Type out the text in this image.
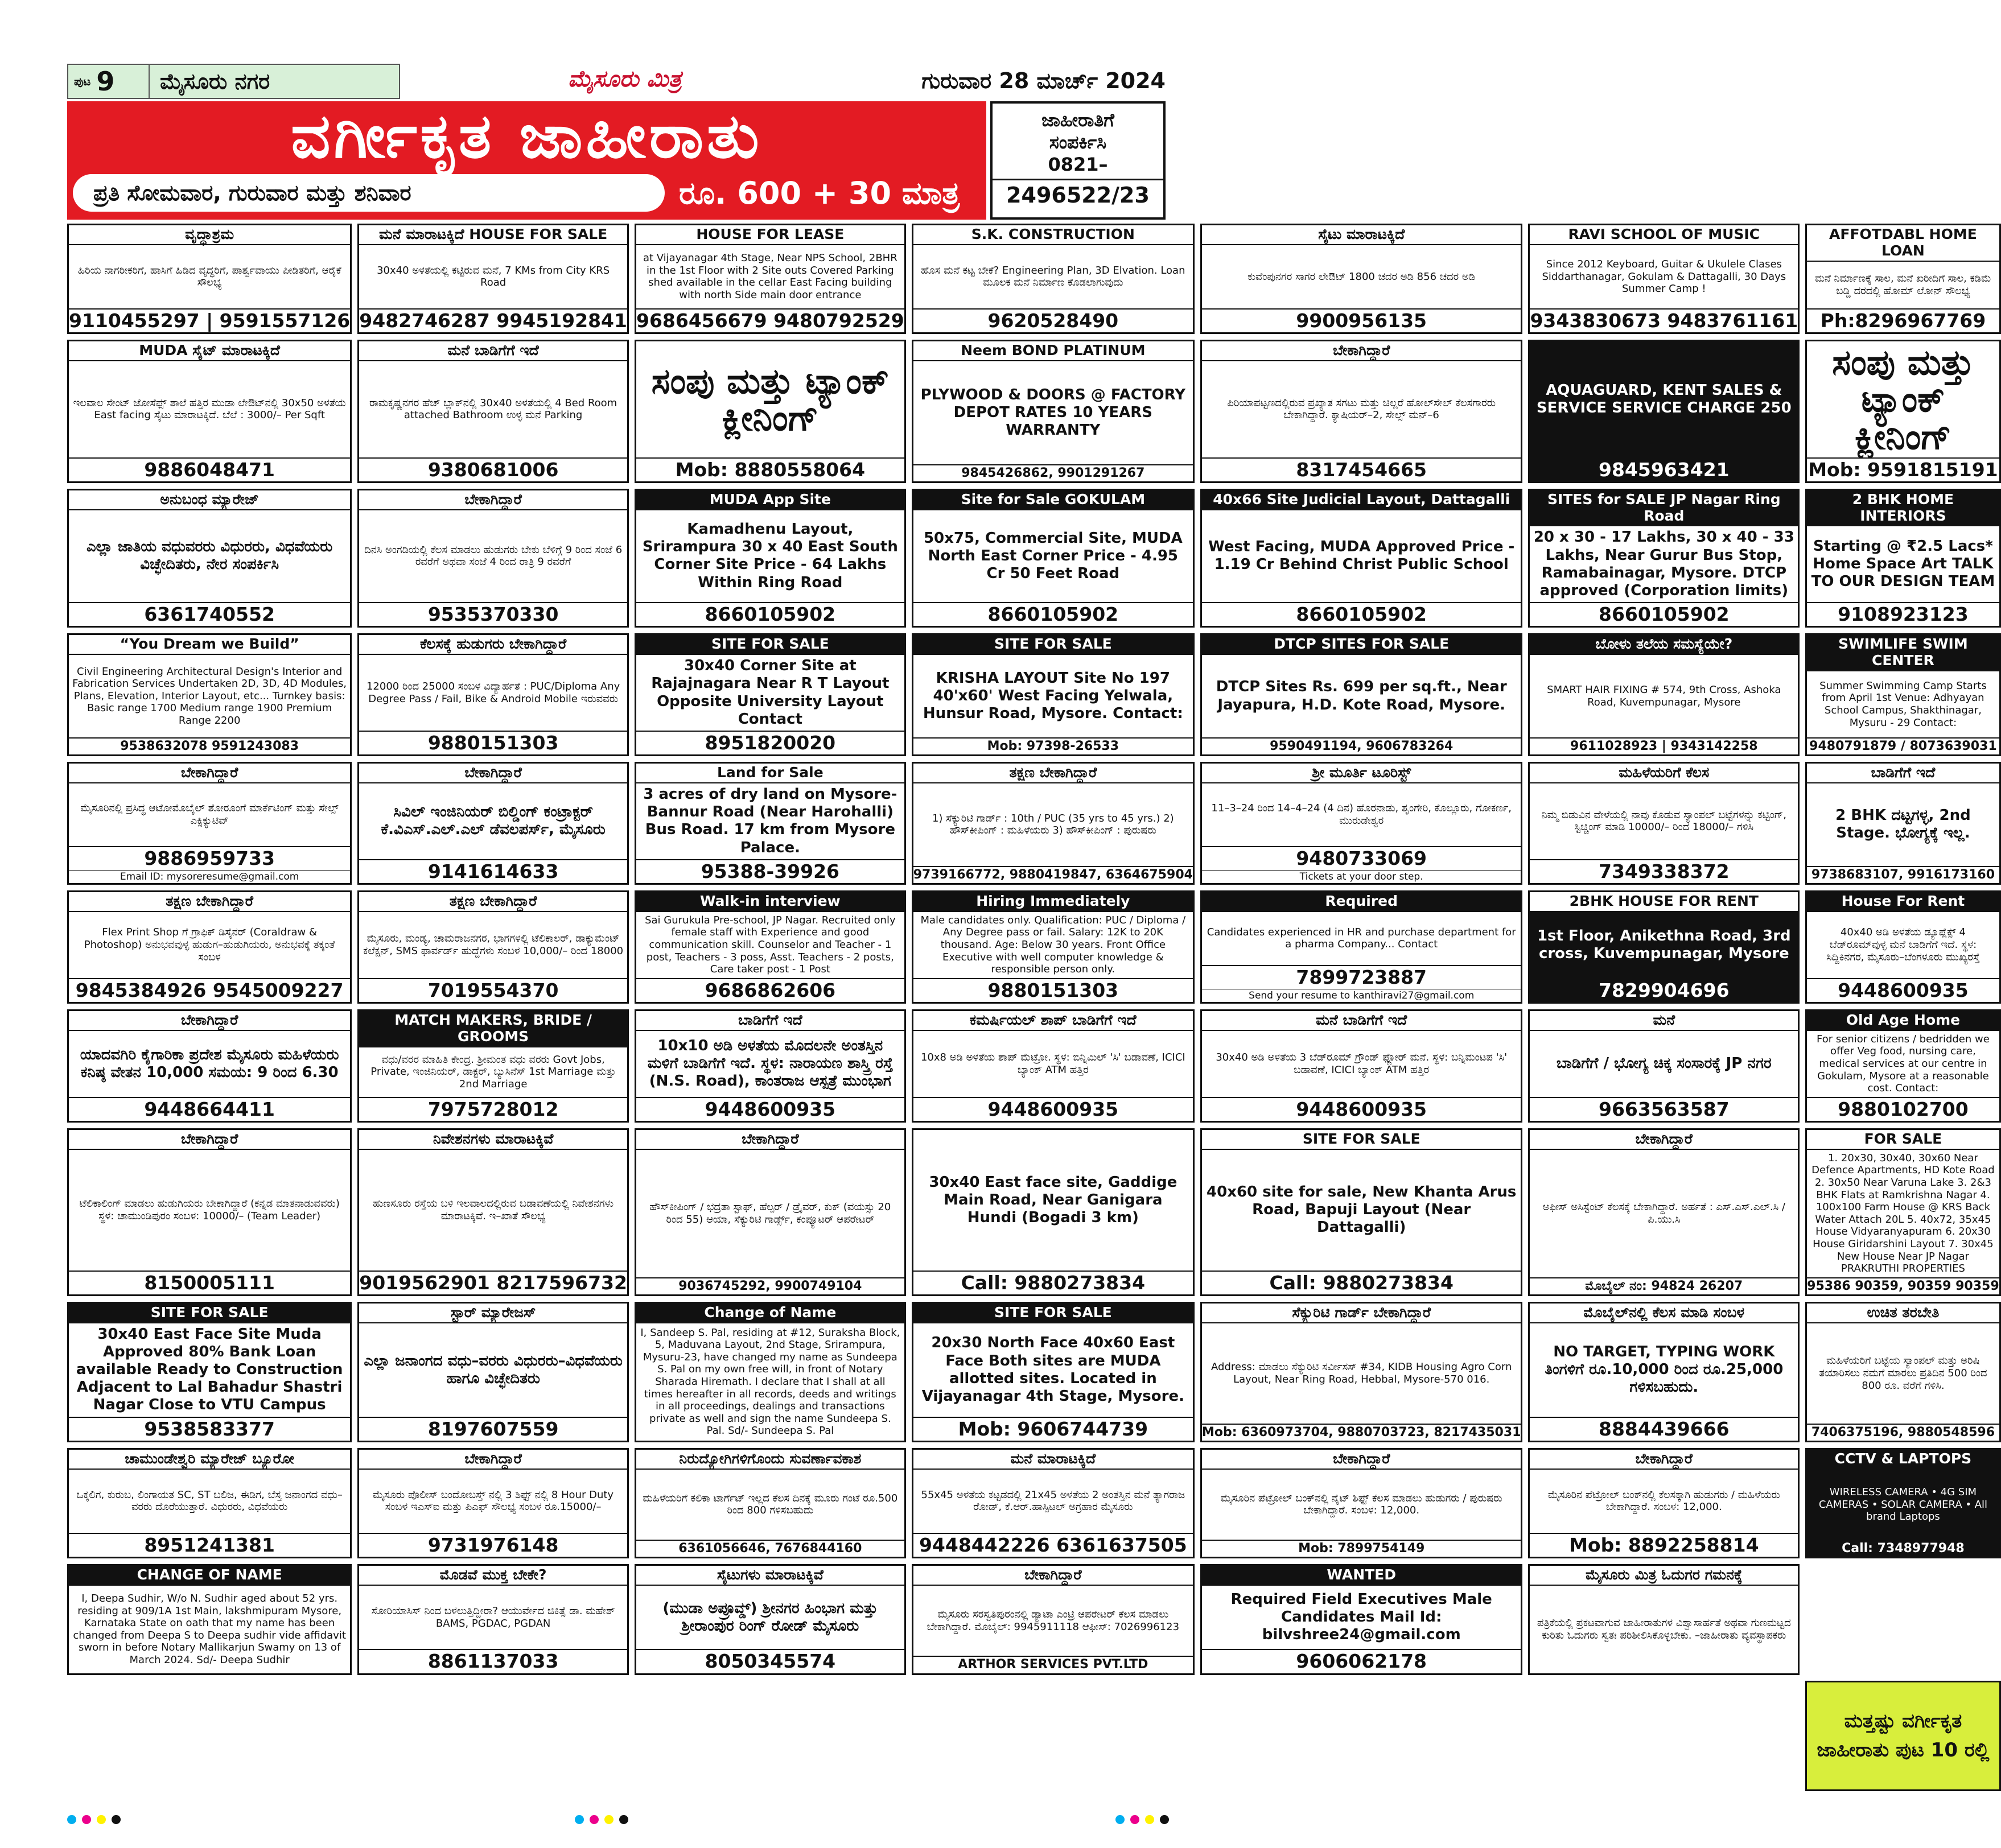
ಪುಟ 9	ಮೈಸೂರು ನಗರ	ಮೈಸೂರು ಮಿತ್ರ	ಗುರುವಾರ 28 ಮಾರ್ಚ್ 2024
ವರ್ಗೀಕೃತ ಜಾಹೀರಾತು
ಪ್ರತಿ ಸೋಮವಾರ, ಗುರುವಾರ ಮತ್ತು ಶನಿವಾರ	ರೂ. 600 + 30 ಮಾತ್ರ
ಜಾಹೀರಾತಿಗೆ
ಸಂಪರ್ಕಿಸಿ
0821–
2496522/23
ವೃದ್ಧಾಶ್ರಮ
ಹಿರಿಯ ನಾಗರೀಕರಿಗೆ, ಹಾಸಿಗೆ ಹಿಡಿದ ವೃದ್ಧರಿಗೆ, ಪಾರ್ಶ್ವವಾಯು ಪೀಡಿತರಿಗೆ, ಆರೈಕೆ ಸೌಲಭ್ಯ
9110455297 | 9591557126
ಮನೆ ಮಾರಾಟಕ್ಕಿದೆ HOUSE FOR SALE
30x40 ಅಳತೆಯಲ್ಲಿ ಕಟ್ಟಿರುವ ಮನೆ, 7 KMs from City KRS Road
9482746287 9945192841
HOUSE FOR LEASE
at Vijayanagar 4th Stage, Near NPS School, 2BHR in the 1st Floor with 2 Site outs Covered Parking shed available in the cellar East Facing building with north Side main door entrance
9686456679 9480792529
S.K. CONSTRUCTION
ಹೊಸ ಮನೆ ಕಟ್ಟ ಬೇಕೆ? Engineering Plan, 3D Elvation. Loan ಮೂಲಕ ಮನೆ ನಿರ್ಮಾಣ ಕೊಡಲಾಗುವುದು
9620528490
ಸೈಟು ಮಾರಾಟಕ್ಕಿದೆ
ಕುವೆಂಪುನಗರ ಸಾಗರ ಲೇಔಟ್ 1800 ಚದರ ಅಡಿ 856 ಚದರ ಅಡಿ
9900956135
RAVI SCHOOL OF MUSIC
Since 2012 Keyboard, Guitar & Ukulele Clases Siddarthanagar, Gokulam & Dattagalli, 30 Days Summer Camp !
9343830673 9483761161
AFFOTDABL HOME LOAN
ಮನೆ ನಿರ್ಮಾಣಕ್ಕೆ ಸಾಲ, ಮನೆ ಖರೀದಿಗೆ ಸಾಲ, ಕಡಿಮೆ ಬಡ್ಡಿ ದರದಲ್ಲಿ ಹೋಮ್ ಲೋನ್ ಸೌಲಭ್ಯ
Ph:8296967769
MUDA ಸೈಟ್ ಮಾರಾಟಕ್ಕಿದೆ
ಇಲವಾಲ ಸೇಂಟ್ ಜೋಸೆಫ್ಸ್ ಶಾಲೆ ಹತ್ತಿರ ಮುಡಾ ಲೇಔಟ್‌ನಲ್ಲಿ 30x50 ಅಳತೆಯ East facing ಸೈಟು ಮಾರಾಟಕ್ಕಿದೆ. ಬೆಲೆ : 3000/– Per Sqft
9886048471
ಮನೆ ಬಾಡಿಗೆಗೆ ಇದೆ
ರಾಮಕೃಷ್ಣನಗರ ಹೆಚ್ ಬ್ಲಾಕ್‌ನಲ್ಲಿ 30x40 ಅಳತೆಯಲ್ಲಿ 4 Bed Room attached Bathroom ಉಳ್ಳ ಮನೆ Parking
9380681006
ಸಂಪು ಮತ್ತು ಟ್ಯಾಂಕ್ ಕ್ಲೀನಿಂಗ್
Mob: 8880558064
Neem BOND PLATINUM
PLYWOOD & DOORS @ FACTORY DEPOT RATES 10 YEARS WARRANTY
9845426862, 9901291267
ಬೇಕಾಗಿದ್ದಾರೆ
ಪಿರಿಯಾಪಟ್ಟಣದಲ್ಲಿರುವ ಪ್ರಖ್ಯಾತ ಸಗಟು ಮತ್ತು ಚಿಲ್ಲರೆ ಹೋಲ್‌ಸೇಲ್ ಕೆಲಸಗಾರರು ಬೇಕಾಗಿದ್ದಾರೆ. ಕ್ಯಾಷಿಯರ್–2, ಸೇಲ್ಸ್ ಮನ್–6
8317454665
AQUAGUARD, KENT SALES & SERVICE SERVICE CHARGE 250
9845963421
ಸಂಪು ಮತ್ತು ಟ್ಯಾಂಕ್ ಕ್ಲೀನಿಂಗ್
Mob: 9591815191
ಅನುಬಂಧ ಮ್ಯಾರೇಜ್
ಎಲ್ಲಾ ಜಾತಿಯ ವಧುವರರು ವಿಧುರರು, ವಿಧವೆಯರು ವಿಚ್ಛೇದಿತರು, ನೇರ ಸಂಪರ್ಕಿಸಿ
6361740552
ಬೇಕಾಗಿದ್ದಾರೆ
ದಿನಸಿ ಅಂಗಡಿಯಲ್ಲಿ ಕೆಲಸ ಮಾಡಲು ಹುಡುಗರು ಬೇಕು ಬೆಳಿಗ್ಗೆ 9 ರಿಂದ ಸಂಜೆ 6 ರವರೆಗೆ ಅಥವಾ ಸಂಜೆ 4 ರಿಂದ ರಾತ್ರಿ 9 ರವರೆಗೆ
9535370330
MUDA App Site
Kamadhenu Layout, Srirampura 30 x 40 East South Corner Site Price - 64 Lakhs Within Ring Road
8660105902
Site for Sale GOKULAM
50x75, Commercial Site, MUDA North East Corner Price - 4.95 Cr 50 Feet Road
8660105902
40x66 Site Judicial Layout, Dattagalli
West Facing, MUDA Approved Price - 1.19 Cr Behind Christ Public School
8660105902
SITES for SALE JP Nagar Ring Road
20 x 30 - 17 Lakhs, 30 x 40 - 33 Lakhs, Near Gurur Bus Stop, Ramabainagar, Mysore. DTCP approved (Corporation limits)
8660105902
2 BHK HOME INTERIORS
Starting @ ₹2.5 Lacs* Home Space Art TALK TO OUR DESIGN TEAM
9108923123
“You Dream we Build”
Civil Engineering Architectural Design's Interior and Fabrication Services Undertaken 2D, 3D, 4D Modules, Plans, Elevation, Interior Layout, etc... Turnkey basis: Basic range 1700 Medium range 1900 Premium Range 2200
9538632078 9591243083
ಕೆಲಸಕ್ಕೆ ಹುಡುಗರು ಬೇಕಾಗಿದ್ದಾರೆ
12000 ರಿಂದ 25000 ಸಂಬಳ ವಿದ್ಯಾರ್ಹತೆ : PUC/Diploma Any Degree Pass / Fail, Bike & Android Mobile ಇರುವವರು
9880151303
SITE FOR SALE
30x40 Corner Site at Rajajnagara Near R T Layout Opposite University Layout Contact
8951820020
SITE FOR SALE
KRISHA LAYOUT Site No 197 40'x60' West Facing Yelwala, Hunsur Road, Mysore. Contact:
Mob: 97398-26533
DTCP SITES FOR SALE
DTCP Sites Rs. 699 per sq.ft., Near Jayapura, H.D. Kote Road, Mysore.
9590491194, 9606783264
ಬೋಳು ತಲೆಯ ಸಮಸ್ಯೆಯೇ?
SMART HAIR FIXING # 574, 9th Cross, Ashoka Road, Kuvempunagar, Mysore
9611028923 | 9343142258
SWIMLIFE SWIM CENTER
Summer Swimming Camp Starts from April 1st Venue: Adhyayan School Campus, Shakthinagar, Mysuru - 29 Contact:
9480791879 / 8073639031
ಬೇಕಾಗಿದ್ದಾರೆ
ಮೈಸೂರಿನಲ್ಲಿ ಪ್ರಸಿದ್ಧ ಆಟೋಮೊಬೈಲ್ ಶೋರೂಂಗೆ ಮಾರ್ಕೆಟಿಂಗ್ ಮತ್ತು ಸೇಲ್ಸ್ ಎಕ್ಸಿಕ್ಯುಟಿವ್
9886959733
Email ID: mysoreresume@gmail.com
ಬೇಕಾಗಿದ್ದಾರೆ
ಸಿವಿಲ್ ಇಂಜಿನಿಯರ್ ಬಿಲ್ಡಿಂಗ್ ಕಂಟ್ರಾಕ್ಟರ್ ಕೆ.ವಿಎಸ್.ಎಲ್.ಎಲ್ ಡೆವಲಪರ್ಸ್, ಮೈಸೂರು
9141614633
Land for Sale
3 acres of dry land on Mysore-Bannur Road (Near Harohalli) Bus Road. 17 km from Mysore Palace.
95388-39926
ತಕ್ಷಣ ಬೇಕಾಗಿದ್ದಾರೆ
1) ಸೆಕ್ಯುರಿಟಿ ಗಾರ್ಡ್ : 10th / PUC (35 yrs to 45 yrs.) 2) ಹೌಸ್‌ಕೀಪಿಂಗ್ : ಮಹಿಳೆಯರು 3) ಹೌಸ್‌ಕೀಪಿಂಗ್ : ಪುರುಷರು
9739166772, 9880419847, 6364675904
ಶ್ರೀ ಮೂರ್ತಿ ಟೂರಿಸ್ಟ್
11–3–24 ರಿಂದ 14–4–24 (4 ದಿನ) ಹೊರನಾಡು, ಶೃಂಗೇರಿ, ಕೊಲ್ಲೂರು, ಗೋಕರ್ಣ, ಮುರುಡೇಶ್ವರ
9480733069
Tickets at your door step.
ಮಹಿಳೆಯರಿಗೆ ಕೆಲಸ
ನಿಮ್ಮ ಬಿಡುವಿನ ವೇಳೆಯಲ್ಲಿ ನಾವು ಕೊಡುವ ಸ್ಯಾಂಪಲ್ ಬಟ್ಟೆಗಳನ್ನು ಕಟ್ಟಿಂಗ್, ಸ್ಟಿಚ್ಚಿಂಗ್ ಮಾಡಿ 10000/– ರಿಂದ 18000/– ಗಳಿಸಿ
7349338372
ಬಾಡಿಗೆಗೆ ಇದೆ
2 BHK ದಟ್ಟಗಳ್ಳ, 2nd Stage. ಭೋಗ್ಯಕ್ಕೆ ಇಲ್ಲ.
9738683107, 9916173160
ತಕ್ಷಣ ಬೇಕಾಗಿದ್ದಾರೆ
Flex Print Shop ಗೆ ಗ್ರಾಫಿಕ್ ಡಿಸೈನರ್ (Coraldraw & Photoshop) ಅನುಭವವುಳ್ಳ ಹುಡುಗ–ಹುಡುಗಿಯರು, ಅನುಭವಕ್ಕೆ ತಕ್ಕಂತೆ ಸಂಬಳ
9845384926 9545009227
ತಕ್ಷಣ ಬೇಕಾಗಿದ್ದಾರೆ
ಮೈಸೂರು, ಮಂಡ್ಯ, ಚಾಮರಾಜನಗರ, ಭಾಗಗಳಲ್ಲಿ ಟೆಲಿಕಾಲರ್, ಡಾಕ್ಯುಮೆಂಟ್ ಕಲೆಕ್ಷನ್, SMS ಫಾರ್ವರ್ಡ್ ಹುದ್ದೆಗಳು ಸಂಬಳ 10,000/– ರಿಂದ 18000
7019554370
Walk-in interview
Sai Gurukula Pre-school, JP Nagar. Recruited only female staff with Experience and good communication skill. Counselor and Teacher - 1 post, Teachers - 3 poss, Asst. Teachers - 2 posts, Care taker post - 1 Post
9686862606
Hiring Immediately
Male candidates only. Qualification: PUC / Diploma / Any Degree pass or fail. Salary: 12K to 20K thousand. Age: Below 30 years. Front Office Executive with well computer knowledge & responsible person only.
9880151303
Required
Candidates experienced in HR and purchase department for a pharma Company... Contact
7899723887
Send your resume to kanthiravi27@gmail.com
2BHK HOUSE FOR RENT
1st Floor, Anikethna Road, 3rd cross, Kuvempunagar, Mysore
7829904696
House For Rent
40x40 ಅಡಿ ಅಳತೆಯ ಡ್ಯೂಪ್ಲೆಕ್ಸ್ 4 ಬೆಡ್‌ರೂಮ್‌ವುಳ್ಳ ಮನೆ ಬಾಡಿಗೆಗೆ ಇದೆ. ಸ್ಥಳ: ಸಿದ್ದಿಕಿನಗರ, ಮೈಸೂರು–ಬೆಂಗಳೂರು ಮುಖ್ಯರಸ್ತೆ
9448600935
ಬೇಕಾಗಿದ್ದಾರೆ
ಯಾದವಗಿರಿ ಕೈಗಾರಿಕಾ ಪ್ರದೇಶ ಮೈಸೂರು ಮಹಿಳೆಯರು ಕನಿಷ್ಠ ವೇತನ 10,000 ಸಮಯ: 9 ರಿಂದ 6.30
9448664411
MATCH MAKERS, BRIDE / GROOMS
ವಧು/ವರರ ಮಾಹಿತಿ ಕೇಂದ್ರ. ಶ್ರೀಮಂತ ವಧು ವರರು Govt Jobs, Private, ಇಂಜಿನಿಯರ್, ಡಾಕ್ಟರ್, ಬ್ಯುಸಿನೆಸ್ 1st Marriage ಮತ್ತು 2nd Marriage
7975728012
ಬಾಡಿಗೆಗೆ ಇದೆ
10x10 ಅಡಿ ಅಳತೆಯ ಮೊದಲನೇ ಅಂತಸ್ತಿನ ಮಳಿಗೆ ಬಾಡಿಗೆಗೆ ಇದೆ. ಸ್ಥಳ: ನಾರಾಯಣ ಶಾಸ್ತ್ರಿ ರಸ್ತೆ (N.S. Road), ಕಾಂತರಾಜ ಆಸ್ಪತ್ರೆ ಮುಂಭಾಗ
9448600935
ಕಮರ್ಷಿಯಲ್ ಶಾಪ್ ಬಾಡಿಗೆಗೆ ಇದೆ
10x8 ಅಡಿ ಅಳತೆಯ ಶಾಪ್ ಮೆಟ್ರೋ. ಸ್ಥಳ: ಬಿನ್ನಿಮಿಲ್ 'ಸಿ' ಬಡಾವಣೆ, ICICI ಬ್ಯಾಂಕ್ ATM ಹತ್ತಿರ
9448600935
ಮನೆ ಬಾಡಿಗೆಗೆ ಇದೆ
30x40 ಅಡಿ ಅಳತೆಯ 3 ಬೆಡ್‌ರೂಮ್ ಗ್ರೌಂಡ್ ಫ್ಲೋರ್ ಮನೆ. ಸ್ಥಳ: ಬನ್ನಿಮಂಟಪ 'ಸಿ' ಬಡಾವಣೆ, ICICI ಬ್ಯಾಂಕ್ ATM ಹತ್ತಿರ
9448600935
ಮನೆ
ಬಾಡಿಗೆಗೆ / ಭೋಗ್ಯ ಚಿಕ್ಕ ಸಂಸಾರಕ್ಕೆ JP ನಗರ
9663563587
Old Age Home
For senior citizens / bedridden we offer Veg food, nursing care, medical services at our centre in Gokulam, Mysore at a reasonable cost. Contact:
9880102700
ಬೇಕಾಗಿದ್ದಾರೆ
ಟೆಲಿಕಾಲಿಂಗ್ ಮಾಡಲು ಹುಡುಗಿಯರು ಬೇಕಾಗಿದ್ದಾರೆ (ಕನ್ನಡ ಮಾತನಾಡುವವರು) ಸ್ಥಳ: ಚಾಮುಂಡಿಪುರಂ ಸಂಬಳ: 10000/– (Team Leader)
8150005111
ನಿವೇಶನಗಳು ಮಾರಾಟಕ್ಕಿವೆ
ಹುಣಸೂರು ರಸ್ತೆಯ ಬಳಿ ಇಲವಾಲದಲ್ಲಿರುವ ಬಡಾವಣೆಯಲ್ಲಿ ನಿವೇಶನಗಳು ಮಾರಾಟಕ್ಕಿವೆ. ಇ–ಖಾತೆ ಸೌಲಭ್ಯ
9019562901 8217596732
ಬೇಕಾಗಿದ್ದಾರೆ
ಹೌಸ್‌ಕೀಪಿಂಗ್ / ಭದ್ರತಾ ಸ್ಟಾಫ್, ಹೆಲ್ಪರ್ / ಡ್ರೈವರ್, ಕುಕ್ (ವಯಸ್ಸು 20 ರಿಂದ 55) ಆಯಾ, ಸೆಕ್ಯುರಿಟಿ ಗಾರ್ಡ್ಸ್, ಕಂಪ್ಯೂಟರ್ ಆಪರೇಟರ್
9036745292, 9900749104
30x40 East face site, Gaddige Main Road, Near Ganigara Hundi (Bogadi 3 km)
Call: 9880273834
SITE FOR SALE
40x60 site for sale, New Khanta Arus Road, Bapuji Layout (Near Dattagalli)
Call: 9880273834
ಬೇಕಾಗಿದ್ದಾರೆ
ಅಫೀಸ್ ಅಸಿಸ್ಟೆಂಟ್ ಕೆಲಸಕ್ಕೆ ಬೇಕಾಗಿದ್ದಾರೆ. ಅರ್ಹತೆ : ಎಸ್.ಎಸ್.ಎಲ್.ಸಿ / ಪಿ.ಯು.ಸಿ
ಮೊಬೈಲ್ ನಂ: 94824 26207
FOR SALE
1. 20x30, 30x40, 30x60 Near Defence Apartments, HD Kote Road 2. 30x50 Near Varuna Lake 3. 2&3 BHK Flats at Ramkrishna Nagar 4. 100x100 Farm House @ KRS Back Water Attach 20L 5. 40x72, 35x45 House Vidyaranyapuram 6. 20x30 House Giridarshini Layout 7. 30x45 New House Near JP Nagar PRAKRUTHI PROPERTIES
95386 90359, 90359 90359
SITE FOR SALE
30x40 East Face Site Muda Approved 80% Bank Loan available Ready to Construction Adjacent to Lal Bahadur Shastri Nagar Close to VTU Campus
9538583377
ಸ್ಟಾರ್ ಮ್ಯಾರೇಜಸ್
ಎಲ್ಲಾ ಜನಾಂಗದ ವಧು–ವರರು ವಿಧುರರು–ವಿಧವೆಯರು ಹಾಗೂ ವಿಚ್ಛೇದಿತರು
8197607559
Change of Name
I, Sandeep S. Pal, residing at #12, Suraksha Block, 5, Maduvana Layout, 2nd Stage, Srirampura, Mysuru-23, have changed my name as Sundeepa S. Pal on my own free will, in front of Notary Sharada Hiremath. I declare that I shall at all times hereafter in all records, deeds and writings in all proceedings, dealings and transactions private as well and sign the name Sundeepa S. Pal. Sd/- Sundeepa S. Pal
SITE FOR SALE
20x30 North Face 40x60 East Face Both sites are MUDA allotted sites. Located in Vijayanagar 4th Stage, Mysore.
Mob: 9606744739
ಸೆಕ್ಯುರಿಟಿ ಗಾರ್ಡ್ ಬೇಕಾಗಿದ್ದಾರೆ
Address: ಮಾಡಲು ಸೆಕ್ಯುರಿಟಿ ಸರ್ವೀಸಸ್ #34, KIDB Housing Agro Corn Layout, Near Ring Road, Hebbal, Mysore-570 016.
Mob: 6360973704, 9880703723, 8217435031
ಮೊಬೈಲ್‌ನಲ್ಲಿ ಕೆಲಸ ಮಾಡಿ ಸಂಬಳ
NO TARGET, TYPING WORK ತಿಂಗಳಿಗೆ ರೂ.10,000 ರಿಂದ ರೂ.25,000 ಗಳಿಸಬಹುದು.
8884439666
ಉಚಿತ ತರಬೇತಿ
ಮಹಿಳೆಯರಿಗೆ ಬಟ್ಟೆಯ ಸ್ಯಾಂಪಲ್ ಮತ್ತು ಅರಿಷಿ ತಯಾರಿಸಲು ನಮಗೆ ಮಾರಲು ಪ್ರತಿದಿನ 500 ರಿಂದ 800 ರೂ. ವರೆಗೆ ಗಳಿಸಿ.
7406375196, 9880548596
ಚಾಮುಂಡೇಶ್ವರಿ ಮ್ಯಾರೇಜ್ ಬ್ಯೂರೋ
ಒಕ್ಕಲಿಗ, ಕುರುಬ, ಲಿಂಗಾಯತ SC, ST ಬಲಿಜ, ಈಡಿಗ, ಬೆಸ್ತ ಜನಾಂಗದ ವಧು–ವರರು ದೊರೆಯುತ್ತಾರೆ. ವಿಧುರರು, ವಿಧವೆಯರು
8951241381
ಬೇಕಾಗಿದ್ದಾರೆ
ಮೈಸೂರು ಪೊಲೀಸ್ ಬಂದೋಬಸ್ತ್ ನಲ್ಲಿ 3 ಶಿಫ್ಟ್ ನಲ್ಲಿ 8 Hour Duty ಸಂಬಳ ಇಎಸ್ಐ ಮತ್ತು ಪಿಎಫ್ ಸೌಲಭ್ಯ ಸಂಬಳ ರೂ.15000/–
9731976148
ನಿರುದ್ಯೋಗಿಗಳಿಗೊಂದು ಸುವರ್ಣಾವಕಾಶ
ಮಹಿಳೆಯರಿಗೆ ಕಲಿಕಾ ಟಾರ್ಗೆಟ್ ಇಲ್ಲದ ಕೆಲಸ ದಿನಕ್ಕೆ ಮೂರು ಗಂಟೆ ರೂ.500 ರಿಂದ 800 ಗಳಿಸಬಹುದು
6361056646, 7676844160
ಮನೆ ಮಾರಾಟಕ್ಕಿದೆ
55x45 ಅಳತೆಯ ಕಟ್ಟಡದಲ್ಲಿ 21x45 ಅಳತೆಯ 2 ಅಂತಸ್ತಿನ ಮನೆ ತ್ಯಾಗರಾಜ ರೋಡ್, ಕೆ.ಆರ್.ಹಾಸ್ಪಿಟಲ್ ಅಗ್ರಹಾರ ಮೈಸೂರು
9448442226 6361637505
ಬೇಕಾಗಿದ್ದಾರೆ
ಮೈಸೂರಿನ ಪೆಟ್ರೋಲ್ ಬಂಕ್‌ನಲ್ಲಿ ನೈಟ್ ಶಿಫ್ಟ್ ಕೆಲಸ ಮಾಡಲು ಹುಡುಗರು / ಪುರುಷರು ಬೇಕಾಗಿದ್ದಾರೆ. ಸಂಬಳ: 12,000.
Mob: 7899754149
ಬೇಕಾಗಿದ್ದಾರೆ
ಮೈಸೂರಿನ ಪೆಟ್ರೋಲ್ ಬಂಕ್‌ನಲ್ಲಿ ಕೆಲಸಕ್ಕಾಗಿ ಹುಡುಗರು / ಮಹಿಳೆಯರು ಬೇಕಾಗಿದ್ದಾರೆ. ಸಂಬಳ: 12,000.
Mob: 8892258814
CCTV & LAPTOPS
WIRELESS CAMERA • 4G SIM CAMERAS • SOLAR CAMERA • All brand Laptops
Call: 7348977948
CHANGE OF NAME
I, Deepa Sudhir, W/o N. Sudhir aged about 52 yrs. residing at 909/1A 1st Main, lakshmipuram Mysore, Karnataka State on oath that my name has been changed from Deepa S to Deepa sudhir vide affidavit sworn in before Notary Mallikarjun Swamy on 13 of March 2024. Sd/- Deepa Sudhir
ಮೊಡವೆ ಮುಕ್ತ ಬೇಕೇ?
ಸೋರಿಯಾಸಿಸ್ ನಿಂದ ಬಳಲುತ್ತಿದ್ದೀರಾ? ಆಯುರ್ವೇದ ಚಿಕಿತ್ಸೆ ಡಾ. ಮಹೇಶ್ BAMS, PGDAC, PGDAN
8861137033
ಸೈಟುಗಳು ಮಾರಾಟಕ್ಕಿವೆ
(ಮುಡಾ ಅಪ್ರೂವ್ಡ್) ಶ್ರೀನಗರ ಹಿಂಭಾಗ ಮತ್ತು ಶ್ರೀರಾಂಪುರ ರಿಂಗ್ ರೋಡ್ ಮೈಸೂರು
8050345574
ಬೇಕಾಗಿದ್ದಾರೆ
ಮೈಸೂರು ಸರಸ್ವತಿಪುರಂನಲ್ಲಿ ಡ್ಯಾಟಾ ಎಂಟ್ರಿ ಆಪರೇಟರ್ ಕೆಲಸ ಮಾಡಲು ಬೇಕಾಗಿದ್ದಾರೆ. ಮೊಬೈಲ್: 9945911118 ಆಫೀಸ್: 7026996123
ARTHOR SERVICES PVT.LTD
WANTED
Required Field Executives Male Candidates Mail Id: bilvshree24@gmail.com
9606062178
ಮೈಸೂರು ಮಿತ್ರ ಓದುಗರ ಗಮನಕ್ಕೆ
ಪತ್ರಿಕೆಯಲ್ಲಿ ಪ್ರಕಟವಾಗುವ ಜಾಹೀರಾತುಗಳ ವಿಶ್ವಾಸಾರ್ಹತೆ ಅಥವಾ ಗುಣಮಟ್ಟದ ಕುರಿತು ಓದುಗರು ಸ್ವತಃ ಪರಿಶೀಲಿಸಿಕೊಳ್ಳಬೇಕು. –ಜಾಹೀರಾತು ವ್ಯವಸ್ಥಾಪಕರು
ಮತ್ತಷ್ಟು ವರ್ಗೀಕೃತ ಜಾಹೀರಾತು ಪುಟ 10 ರಲ್ಲಿ
